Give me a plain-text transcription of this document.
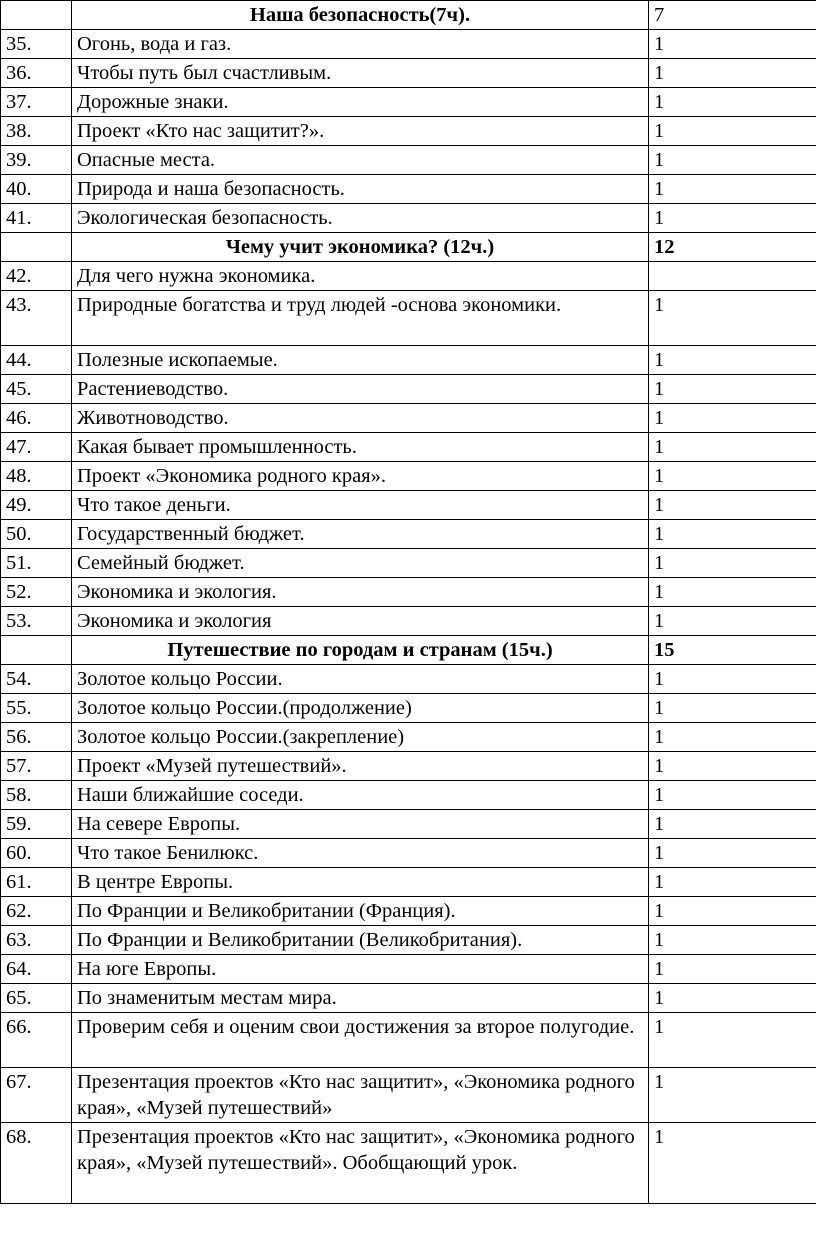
	Наша безопасность(7ч).	7
35.	Огонь, вода и газ.	1
36.	Чтобы путь был счастливым.	1
37.	Дорожные знаки.	1
38.	Проект «Кто нас защитит?».	1
39.	Опасные места.	1
40.	Природа и наша безопасность.	1
41.	Экологическая безопасность.	1
	Чему учит экономика? (12ч.)	12
42.	Для чего нужна экономика.	
43.	Природные богатства и труд людей -основа экономики.	1
44.	Полезные ископаемые.	1
45.	Растениеводство.	1
46.	Животноводство.	1
47.	Какая бывает промышленность.	1
48.	Проект «Экономика родного края».	1
49.	Что такое деньги.	1
50.	Государственный бюджет.	1
51.	Семейный бюджет.	1
52.	Экономика и экология.	1
53.	Экономика и экология	1
	Путешествие по городам и странам (15ч.)	15
54.	Золотое кольцо России.	1
55.	Золотое кольцо России.(продолжение)	1
56.	Золотое кольцо России.(закрепление)	1
57.	Проект «Музей путешествий».	1
58.	Наши ближайшие соседи.	1
59.	На севере Европы.	1
60.	Что такое Бенилюкс.	1
61.	В центре Европы.	1
62.	По Франции и Великобритании (Франция).	1
63.	По Франции и Великобритании (Великобритания).	1
64.	На юге Европы.	1
65.	По знаменитым местам мира.	1
66.	Проверим себя и оценим свои достижения за второе полугодие.	1
67.	Презентация проектов «Кто нас защитит», «Экономика родного края», «Музей путешествий»	1
68.	Презентация проектов «Кто нас защитит», «Экономика родного края», «Музей путешествий». Обобщающий урок.	1
